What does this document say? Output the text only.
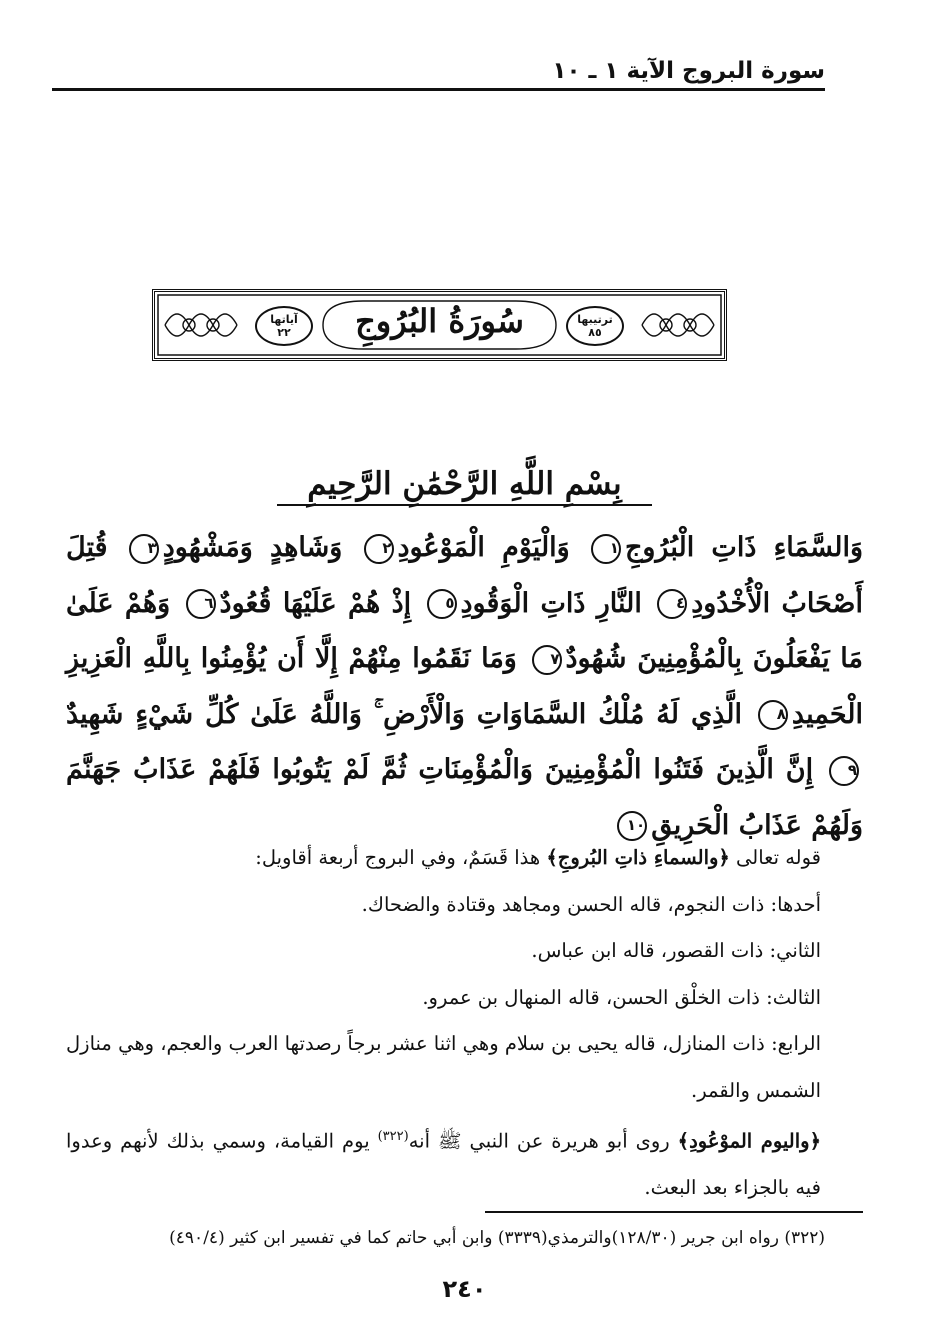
سورة البروج الآية ١ ـ ١٠
ترتيبها
٨٥
آياتها
٢٢	سُورَةُ البُرُوجِ
بِسْمِ اللَّهِ الرَّحْمَٰنِ الرَّحِيمِ
وَالسَّمَاءِ ذَاتِ الْبُرُوجِ١ وَالْيَوْمِ الْمَوْعُودِ٢ وَشَاهِدٍ وَمَشْهُودٍ٣ قُتِلَ أَصْحَابُ الْأُخْدُودِ٤ النَّارِ ذَاتِ الْوَقُودِ٥ إِذْ هُمْ عَلَيْهَا قُعُودٌ٦ وَهُمْ عَلَىٰ مَا يَفْعَلُونَ بِالْمُؤْمِنِينَ شُهُودٌ٧ وَمَا نَقَمُوا مِنْهُمْ إِلَّا أَن يُؤْمِنُوا بِاللَّهِ الْعَزِيزِ الْحَمِيدِ٨ الَّذِي لَهُ مُلْكُ السَّمَاوَاتِ وَالْأَرْضِ ۚ وَاللَّهُ عَلَىٰ كُلِّ شَيْءٍ شَهِيدٌ٩ إِنَّ الَّذِينَ فَتَنُوا الْمُؤْمِنِينَ وَالْمُؤْمِنَاتِ ثُمَّ لَمْ يَتُوبُوا فَلَهُمْ عَذَابُ جَهَنَّمَ وَلَهُمْ عَذَابُ الْحَرِيقِ١٠

قوله تعالى ﴿والسماءِ ذاتِ البُروجِ﴾ هذا قَسَمٌ، وفي البروج أربعة أقاويل:

أحدها: ذات النجوم، قاله الحسن ومجاهد وقتادة والضحاك.

الثاني: ذات القصور، قاله ابن عباس.

الثالث: ذات الخلْق الحسن، قاله المنهال بن عمرو.

الرابع: ذات المنازل، قاله يحيى بن سلام وهي اثنا عشر برجاً رصدتها العرب والعجم، وهي منازل الشمس والقمر.

﴿واليوم الموْعُودِ﴾ روى أبو هريرة عن النبي ﷺ أنه$^{(٣٢٢)}$ يوم القيامة، وسمي بذلك لأنهم وعدوا فيه بالجزاء بعد البعث.

(٣٢٢) رواه ابن جرير (١٢٨/٣٠)والترمذي(٣٣٣٩) وابن أبي حاتم كما في تفسير ابن كثير (٤٩٠/٤)
٢٤٠
